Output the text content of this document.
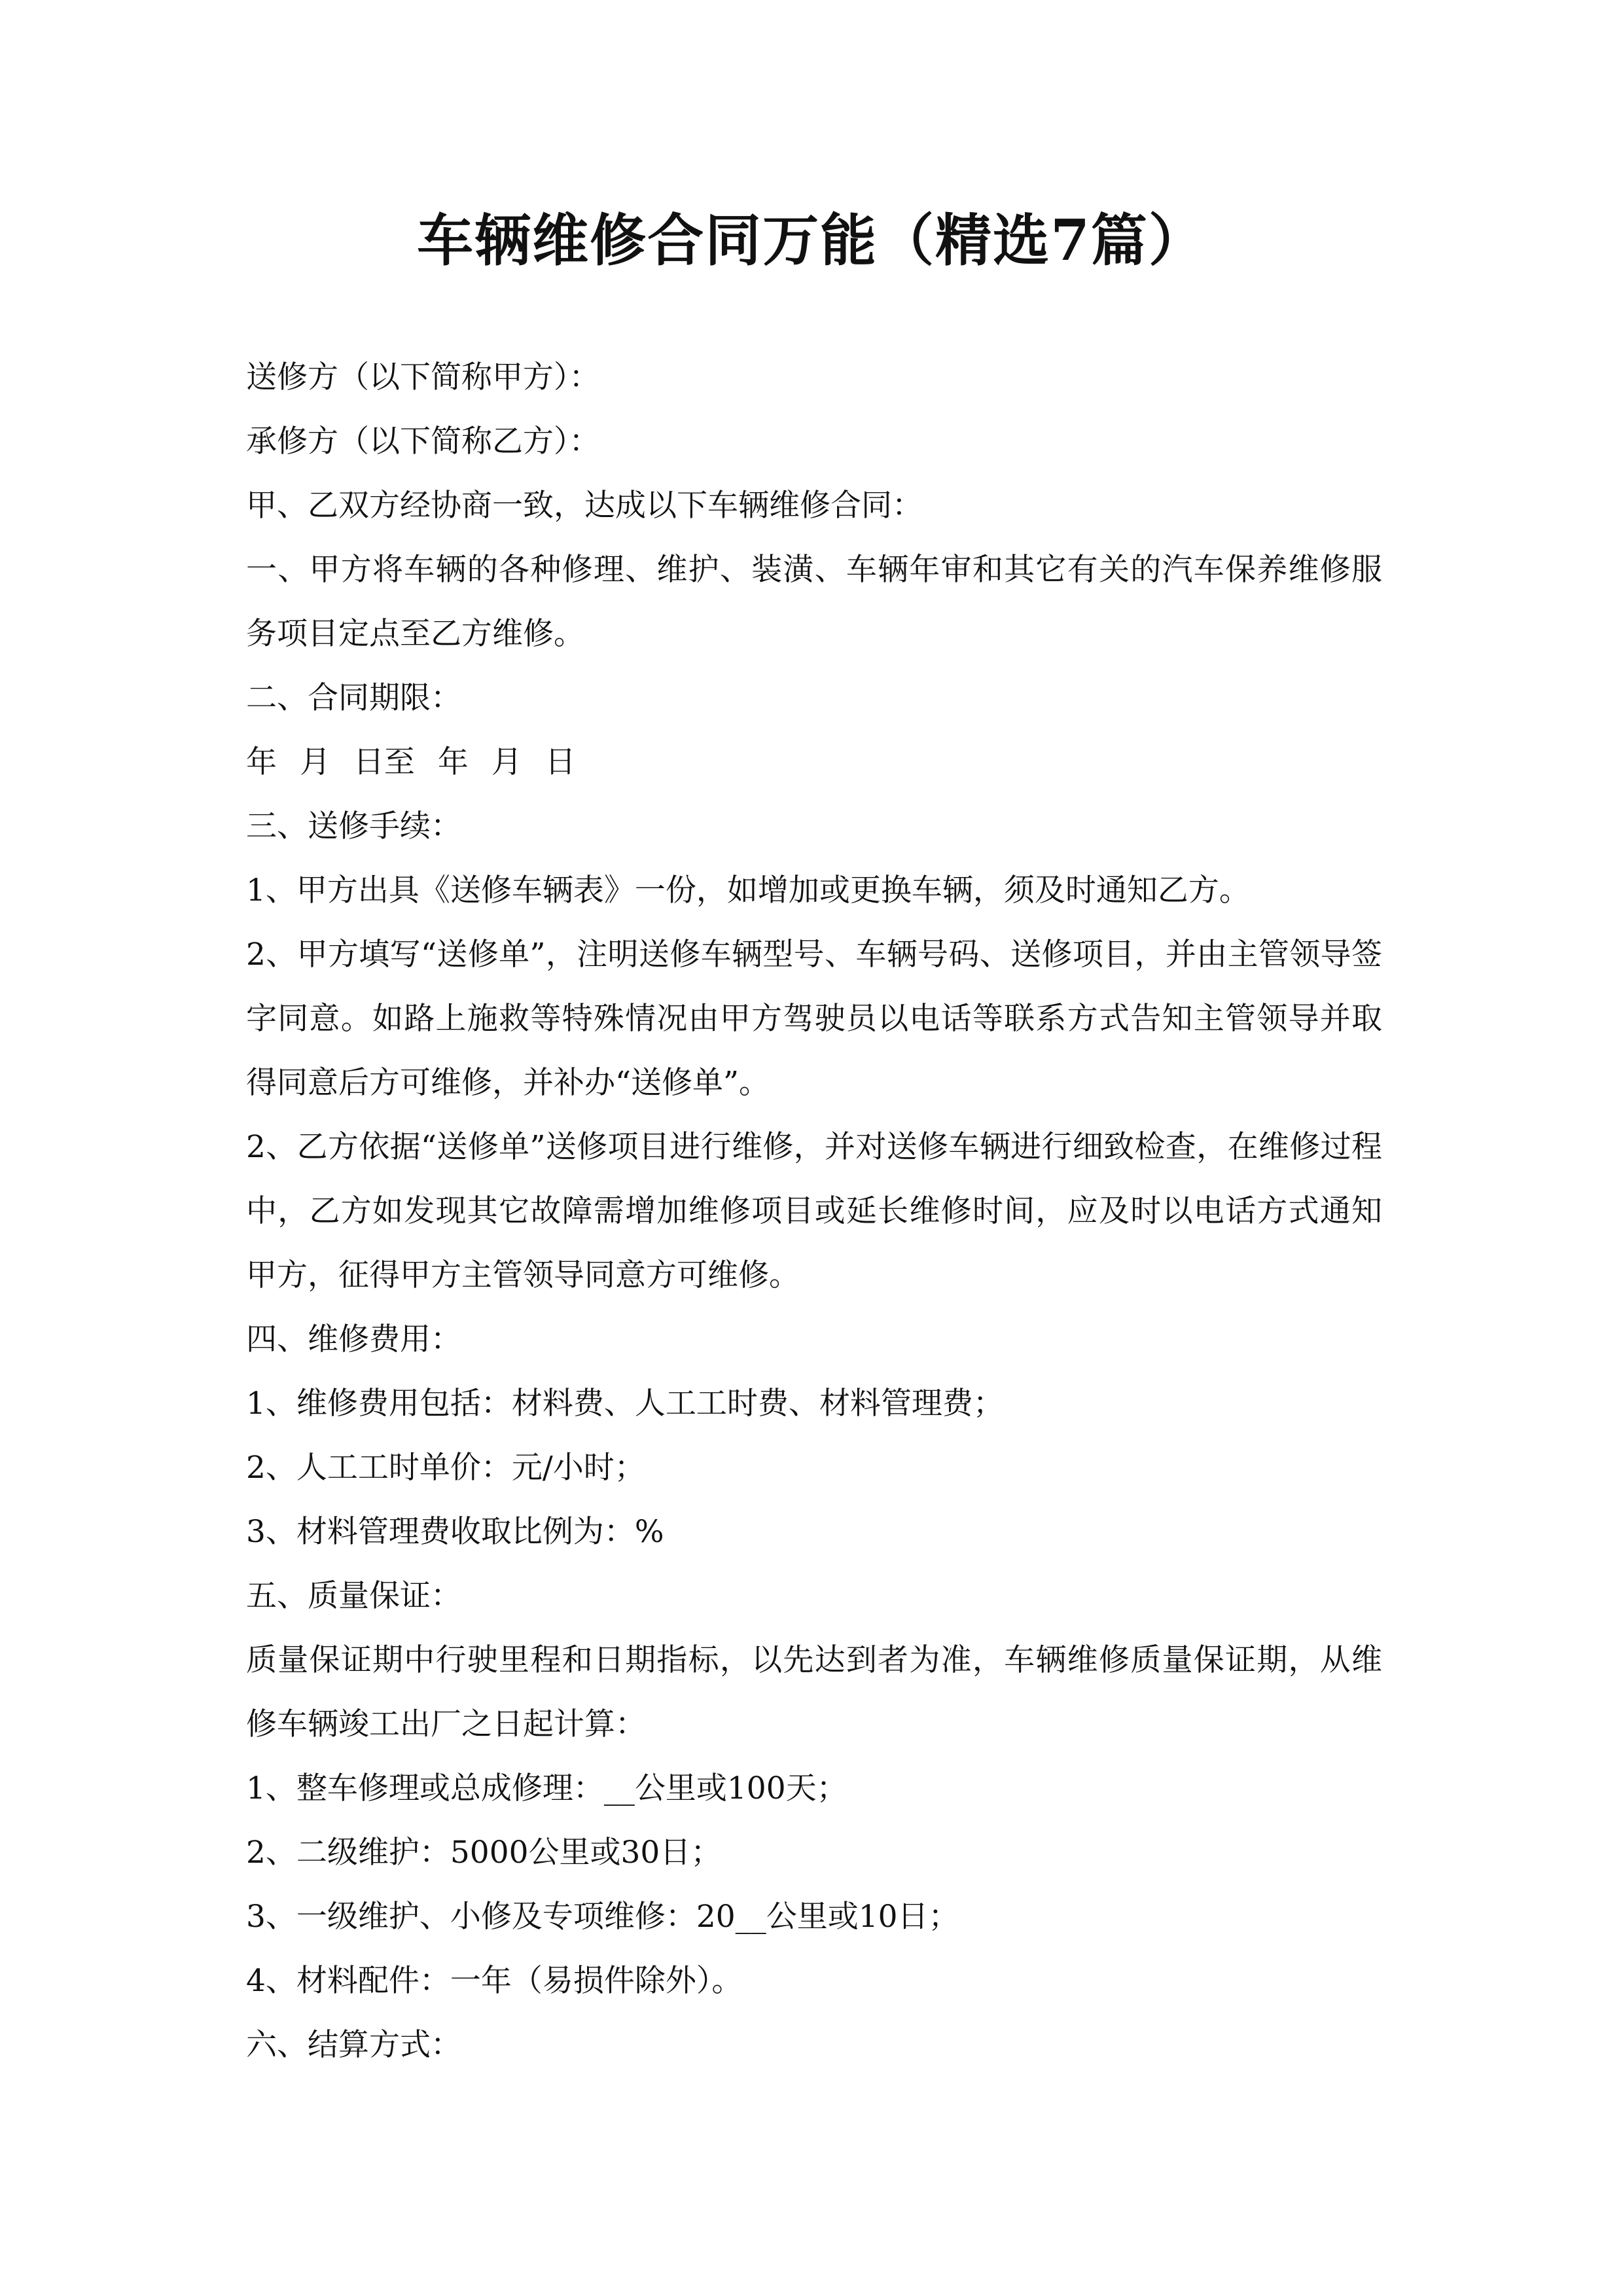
车辆维修合同万能（精选7篇）

送修方（以下简称甲方）：

承修方（以下简称乙方）：

甲、乙双方经协商一致，达成以下车辆维修合同：

一、甲方将车辆的各种修理、维护、装潢、车辆年审和其它有关的汽车保养维修服务项目定点至乙方维修。

二、合同期限：

年 月 日至 年 月 日

三、送修手续：

1、甲方出具《送修车辆表》一份，如增加或更换车辆，须及时通知乙方。

2、甲方填写“送修单”，注明送修车辆型号、车辆号码、送修项目，并由主管领导签字同意。如路上施救等特殊情况由甲方驾驶员以电话等联系方式告知主管领导并取得同意后方可维修，并补办“送修单”。

2、乙方依据“送修单”送修项目进行维修，并对送修车辆进行细致检查，在维修过程中，乙方如发现其它故障需增加维修项目或延长维修时间，应及时以电话方式通知甲方，征得甲方主管领导同意方可维修。

四、维修费用：

1、维修费用包括：材料费、人工工时费、材料管理费；

2、人工工时单价：元/小时；

3、材料管理费收取比例为：%

五、质量保证：

质量保证期中行驶里程和日期指标，以先达到者为准，车辆维修质量保证期，从维修车辆竣工出厂之日起计算：

1、整车修理或总成修理：__公里或100天；

2、二级维护：5000公里或30日；

3、一级维护、小修及专项维修：20__公里或10日；

4、材料配件：一年（易损件除外）。

六、结算方式：
